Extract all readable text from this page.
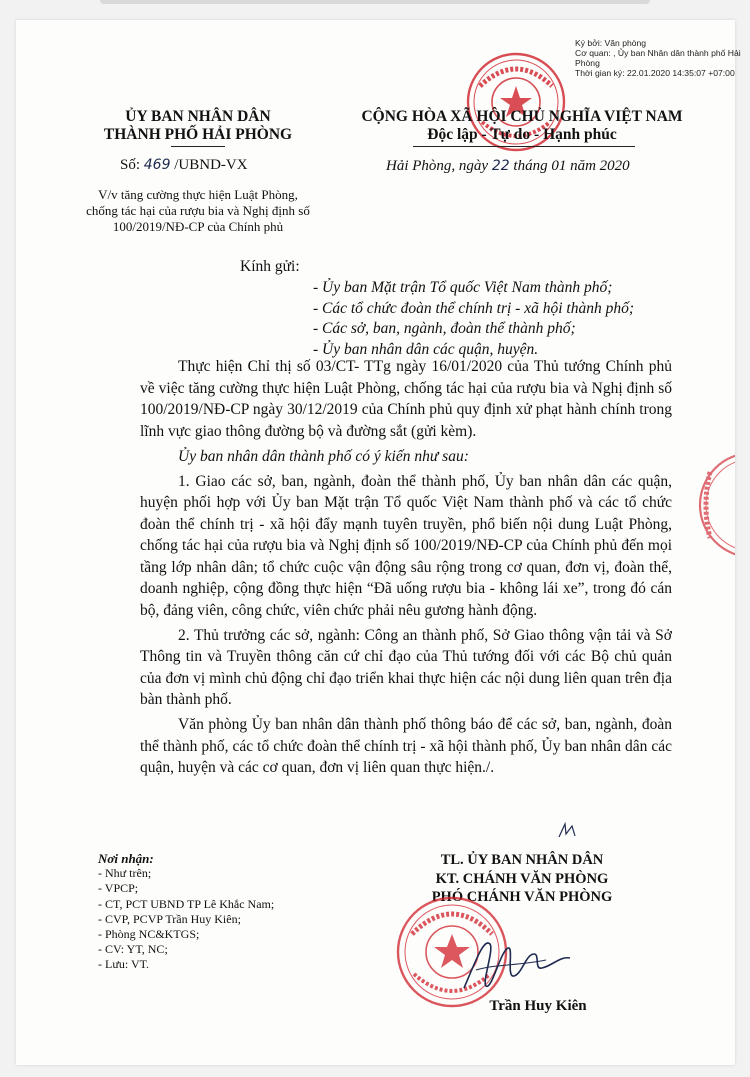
Ký bởi: Văn phòng
Cơ quan: , Ủy ban Nhân dân thành phố Hải Phòng
Thời gian ký: 22.01.2020 14:35:07 +07:00
ỦY BAN NHÂN DÂN
THÀNH PHỐ HẢI PHÒNG
Số: 469 /UBND-VX
V/v tăng cường thực hiện Luật Phòng, chống tác hại của rượu bia và Nghị định số 100/2019/NĐ-CP của Chính phủ
CỘNG HÒA XÃ HỘI CHỦ NGHĨA VIỆT NAM
Độc lập - Tự do - Hạnh phúc
Hải Phòng, ngày 22 tháng 01 năm 2020
Kính gửi:
- Ủy ban Mặt trận Tổ quốc Việt Nam thành phố;
- Các tổ chức đoàn thể chính trị - xã hội thành phố;
- Các sở, ban, ngành, đoàn thể thành phố;
- Ủy ban nhân dân các quận, huyện.

Thực hiện Chỉ thị số 03/CT- TTg ngày 16/01/2020 của Thủ tướng Chính phủ về việc tăng cường thực hiện Luật Phòng, chống tác hại của rượu bia và Nghị định số 100/2019/NĐ-CP ngày 30/12/2019 của Chính phủ quy định xử phạt hành chính trong lĩnh vực giao thông đường bộ và đường sắt (gửi kèm).

Ủy ban nhân dân thành phố có ý kiến như sau:

1. Giao các sở, ban, ngành, đoàn thể thành phố, Ủy ban nhân dân các quận, huyện phối hợp với Ủy ban Mặt trận Tổ quốc Việt Nam thành phố và các tổ chức đoàn thể chính trị - xã hội đẩy mạnh tuyên truyền, phổ biến nội dung Luật Phòng, chống tác hại của rượu bia và Nghị định số 100/2019/NĐ-CP của Chính phủ đến mọi tầng lớp nhân dân; tổ chức cuộc vận động sâu rộng trong cơ quan, đơn vị, đoàn thể, doanh nghiệp, cộng đồng thực hiện “Đã uống rượu bia - không lái xe”, trong đó cán bộ, đảng viên, công chức, viên chức phải nêu gương hành động.

2. Thủ trưởng các sở, ngành: Công an thành phố, Sở Giao thông vận tải và Sở Thông tin và Truyền thông căn cứ chỉ đạo của Thủ tướng đối với các Bộ chủ quản của đơn vị mình chủ động chỉ đạo triển khai thực hiện các nội dung liên quan trên địa bàn thành phố.

Văn phòng Ủy ban nhân dân thành phố thông báo để các sở, ban, ngành, đoàn thể thành phố, các tổ chức đoàn thể chính trị - xã hội thành phố, Ủy ban nhân dân các quận, huyện và các cơ quan, đơn vị liên quan thực hiện./.

Nơi nhận:
- Như trên;
- VPCP;
- CT, PCT UBND TP Lê Khắc Nam;
- CVP, PCVP Trần Huy Kiên;
- Phòng NC&KTGS;
- CV: YT, NC;
- Lưu: VT.
TL. ỦY BAN NHÂN DÂN
KT. CHÁNH VĂN PHÒNG
PHÓ CHÁNH VĂN PHÒNG
Trần Huy Kiên
